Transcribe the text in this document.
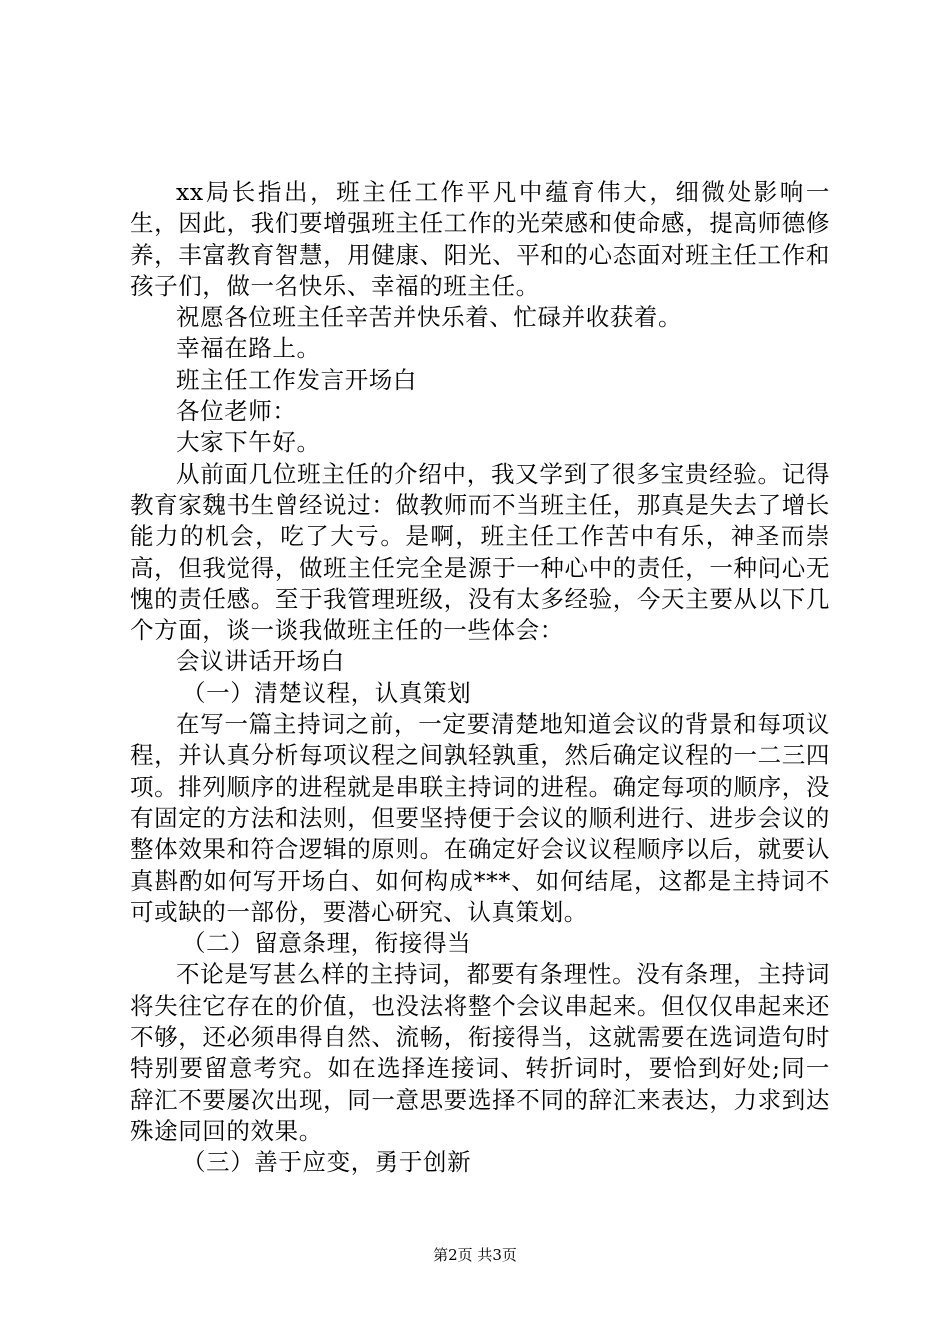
xx局长指出，班主任工作平凡中蕴育伟大，细微处影响一生，因此，我们要增强班主任工作的光荣感和使命感，提高师德修养，丰富教育智慧，用健康、阳光、平和的心态面对班主任工作和孩子们，做一名快乐、幸福的班主任。

祝愿各位班主任辛苦并快乐着、忙碌并收获着。

幸福在路上。

班主任工作发言开场白

各位老师：

大家下午好。

从前面几位班主任的介绍中，我又学到了很多宝贵经验。记得教育家魏书生曾经说过：做教师而不当班主任，那真是失去了增长能力的机会，吃了大亏。是啊，班主任工作苦中有乐，神圣而崇高，但我觉得，做班主任完全是源于一种心中的责任，一种问心无愧的责任感。至于我管理班级，没有太多经验，今天主要从以下几个方面，谈一谈我做班主任的一些体会：

会议讲话开场白

（一）清楚议程，认真策划

在写一篇主持词之前，一定要清楚地知道会议的背景和每项议程，并认真分析每项议程之间孰轻孰重，然后确定议程的一二三四项。排列顺序的进程就是串联主持词的进程。确定每项的顺序，没有固定的方法和法则，但要坚持便于会议的顺利进行、进步会议的整体效果和符合逻辑的原则。在确定好会议议程顺序以后，就要认真斟酌如何写开场白、如何构成***、如何结尾，这都是主持词不可或缺的一部份，要潜心研究、认真策划。

（二）留意条理，衔接得当

不论是写甚么样的主持词，都要有条理性。没有条理，主持词将失往它存在的价值，也没法将整个会议串起来。但仅仅串起来还不够，还必须串得自然、流畅，衔接得当，这就需要在选词造句时特别要留意考究。如在选择连接词、转折词时，要恰到好处;同一辞汇不要屡次出现，同一意思要选择不同的辞汇来表达，力求到达殊途同回的效果。

（三）善于应变，勇于创新

第2页 共3页
